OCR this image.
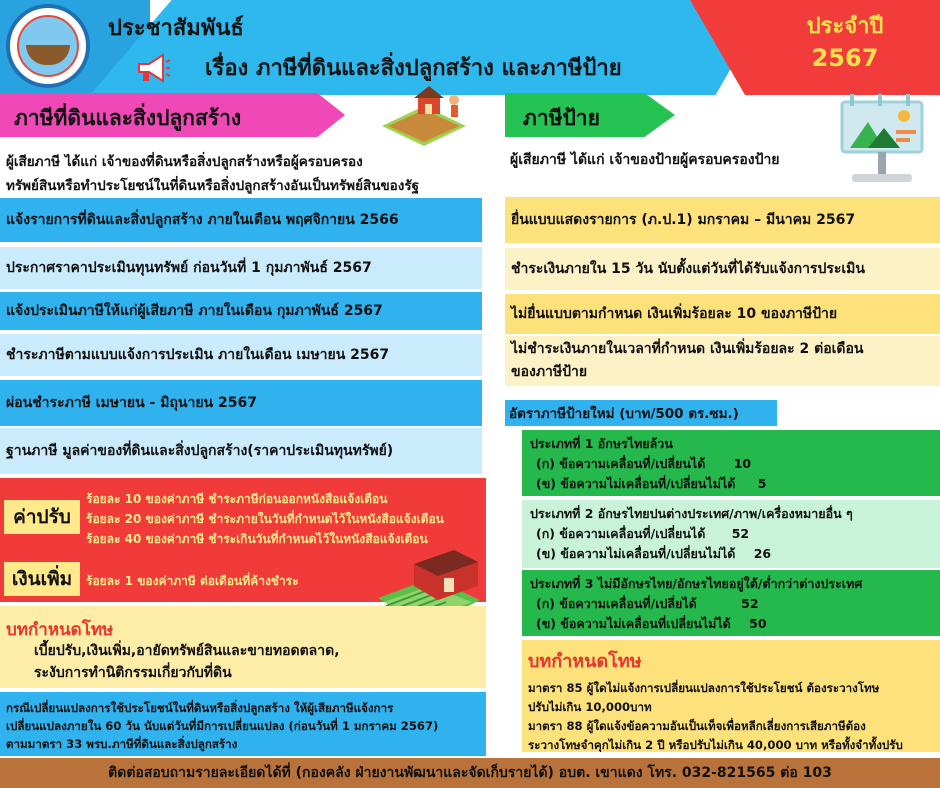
ประชาสัมพันธ์
เรื่อง ภาษีที่ดินและสิ่งปลูกสร้าง และภาษีป้าย
ประจำปี
2567
ภาษีที่ดินและสิ่งปลูกสร้าง	ภาษีป้าย
ผู้เสียภาษี ได้แก่ เจ้าของที่ดินหรือสิ่งปลูกสร้างหรือผู้ครอบครอง
ทรัพย์สินหรือทำประโยชน์ในที่ดินหรือสิ่งปลูกสร้างอันเป็นทรัพย์สินของรัฐ
ผู้เสียภาษี ได้แก่ เจ้าของป้ายผู้ครอบครองป้าย
แจ้งรายการที่ดินและสิ่งปลูกสร้าง ภายในเดือน พฤศจิกายน 2566
ประกาศราคาประเมินทุนทรัพย์ ก่อนวันที่ 1 กุมภาพันธ์ 2567
แจ้งประเมินภาษีให้แก่ผู้เสียภาษี ภายในเดือน กุมภาพันธ์ 2567
ชำระภาษีตามแบบแจ้งการประเมิน ภายในเดือน เมษายน 2567
ผ่อนชำระภาษี เมษายน - มิถุนายน 2567
ฐานภาษี มูลค่าของที่ดินและสิ่งปลูกสร้าง(ราคาประเมินทุนทรัพย์)
ยื่นแบบแสดงรายการ (ภ.ป.1) มกราคม – มีนาคม 2567
ชำระเงินภายใน 15 วัน นับตั้งแต่วันที่ได้รับแจ้งการประเมิน
ไม่ยื่นแบบตามกำหนด เงินเพิ่มร้อยละ 10 ของภาษีป้าย
ไม่ชำระเงินภายในเวลาที่กำหนด เงินเพิ่มร้อยละ 2 ต่อเดือน
ของภาษีป้าย
ค่าปรับ
ร้อยละ 10 ของค่าภาษี ชำระภาษีก่อนออกหนังสือแจ้งเตือน
ร้อยละ 20 ของค่าภาษี ชำระภายในวันที่กำหนดไว้ในหนังสือแจ้งเตือน
ร้อยละ 40 ของค่าภาษี ชำระเกินวันที่กำหนดไว้ในหนังสือแจ้งเตือน
เงินเพิ่ม	ร้อยละ 1 ของค่าภาษี ต่อเดือนที่ค้างชำระ
บทกำหนดโทษ
เบี้ยปรับ,เงินเพิ่ม,อายัดทรัพย์สินและขายทอดตลาด,
ระงับการทำนิติกรรมเกี่ยวกับที่ดิน
กรณีเปลี่ยนแปลงการใช้ประโยชน์ในที่ดินหรือสิ่งปลูกสร้าง ให้ผู้เสียภาษีแจ้งการ
เปลี่ยนแปลงภายใน 60 วัน นับแต่วันที่มีการเปลี่ยนแปลง (ก่อนวันที่ 1 มกราคม 2567)
ตามมาตรา 33 พรบ.ภาษีที่ดินและสิ่งปลูกสร้าง
อัตราภาษีป้ายใหม่ (บาท/500 ตร.ซม.)
ประเภทที่ 1 อักษรไทยล้วน
(ก) ข้อความเคลื่อนที่/เปลี่ยนได้ 10
(ข) ข้อความไม่เคลื่อนที่/เปลี่ยนไม่ได้ 5
ประเภทที่ 2 อักษรไทยปนต่างประเทศ/ภาพ/เครื่องหมายอื่น ๆ
(ก) ข้อความเคลื่อนที่/เปลี่ยนได้ 52
(ข) ข้อความไม่เคลื่อนที่/เปลี่ยนไม่ได้ 26
ประเภทที่ 3 ไม่มีอักษรไทย/อักษรไทยอยู่ใต้/ต่ำกว่าต่างประเทศ
(ก) ข้อความเคลื่อนที่/เปลี่ยได้	52
(ข) ข้อความไม่เคลื่อนที่เปลี่ยนไม่ได้ 50
บทกำหนดโทษ
มาตรา 85 ผู้ใดไม่แจ้งการเปลี่ยนแปลงการใช้ประโยชน์ ต้องระวางโทษ
ปรับไม่เกิน 10,000บาท
มาตรา 88 ผู้ใดแจ้งข้อความอันเป็นเท็จเพื่อหลีกเลี่ยงการเสียภาษีต้อง
ระวางโทษจำคุกไม่เกิน 2 ปี หรือปรับไม่เกิน 40,000 บาท หรือทั้งจำทั้งปรับ
ติดต่อสอบถามรายละเอียดได้ที่ (กองคลัง ฝ่ายงานพัฒนาและจัดเก็บรายได้) อบต. เขาแดง โทร. 032-821565 ต่อ 103
